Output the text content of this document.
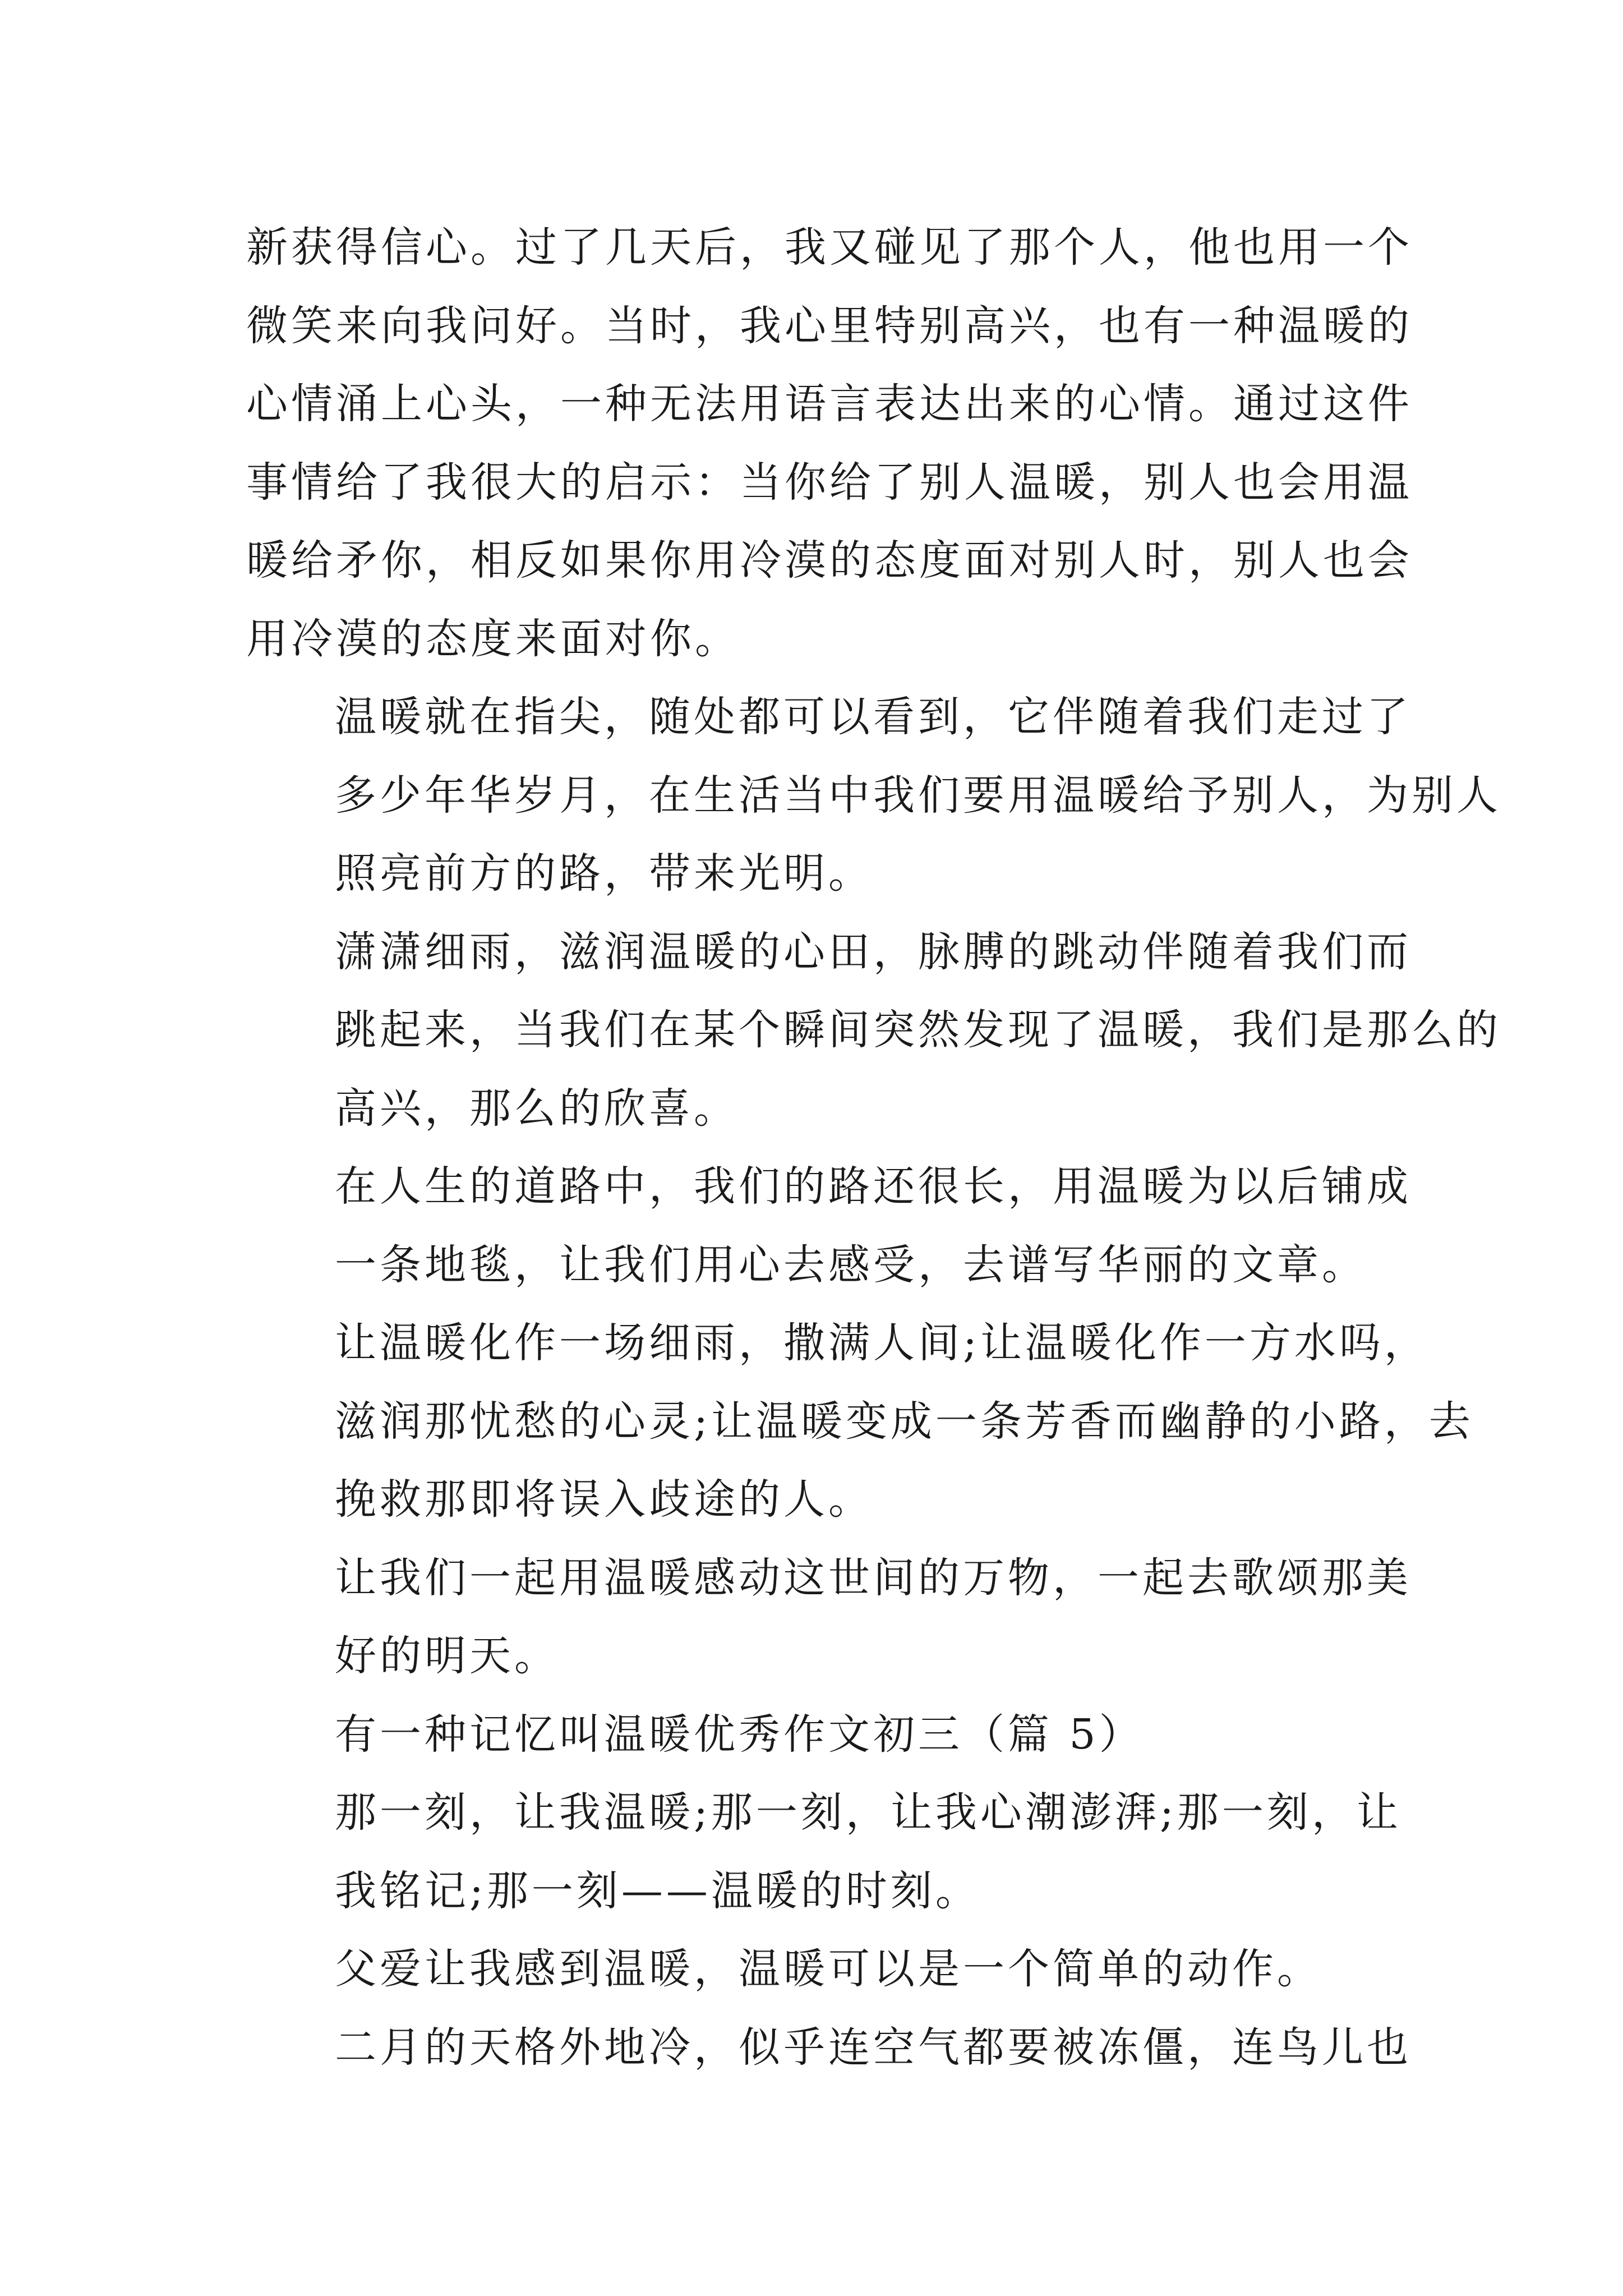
新获得信心。过了几天后，我又碰见了那个人，他也用一个
微笑来向我问好。当时，我心里特别高兴，也有一种温暖的
心情涌上心头，一种无法用语言表达出来的心情。通过这件
事情给了我很大的启示：当你给了别人温暖，别人也会用温
暖给矛你，相反如果你用冷漠的态度面对别人时，别人也会
用冷漠的态度来面对你。

温暖就在指尖，随处都可以看到，它伴随着我们走过了
多少年华岁月，在生活当中我们要用温暖给予别人，为别人
照亮前方的路，带来光明。

潇潇细雨，滋润温暖的心田，脉膊的跳动伴随着我们而
跳起来，当我们在某个瞬间突然发现了温暖，我们是那么的
高兴，那么的欣喜。

在人生的道路中，我们的路还很长，用温暖为以后铺成
一条地毯，让我们用心去感受，去谱写华丽的文章。

让温暖化作一场细雨，撒满人间;让温暖化作一方水吗，
滋润那忧愁的心灵;让温暖变成一条芳香而幽静的小路，去
挽救那即将误入歧途的人。

让我们一起用温暖感动这世间的万物，一起去歌颂那美
好的明天。

有一种记忆叫温暖优秀作文初三（篇 5）

那一刻，让我温暖;那一刻，让我心潮澎湃;那一刻，让
我铭记;那一刻——温暖的时刻。

父爱让我感到温暖，温暖可以是一个简单的动作。

二月的天格外地冷，似乎连空气都要被冻僵，连鸟儿也
